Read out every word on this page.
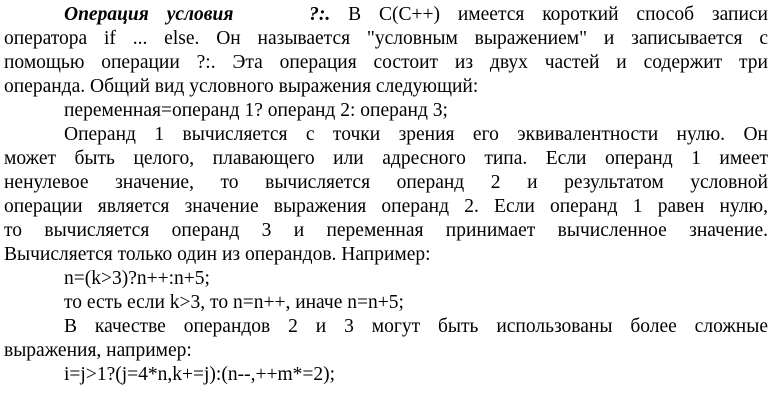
Операция условия	?:. В С(С++) имеется короткий способ записи
оператора if ... else. Он называется "условным выражением" и записывается с
помощью операции ?:. Эта операция состоит из двух частей и содержит три
операнда. Общий вид условного выражения следующий:
переменная=операнд 1? операнд 2: операнд 3;
Операнд 1 вычисляется с точки зрения его эквивалентности нулю. Он
может быть целого, плавающего или адресного типа. Если операнд 1 имеет
ненулевое значение, то вычисляется операнд 2 и результатом условной
операции является значение выражения операнд 2. Если операнд 1 равен нулю,
то вычисляется операнд 3 и переменная принимает вычисленное значение.
Вычисляется только один из операндов. Например:
n=(k>3)?n++:n+5;
то есть если k>3, то n=n++, иначе n=n+5;
В качестве операндов 2 и 3 могут быть использованы более сложные
выражения, например:
i=j>1?(j=4*n,k+=j):(n--,++m*=2);
